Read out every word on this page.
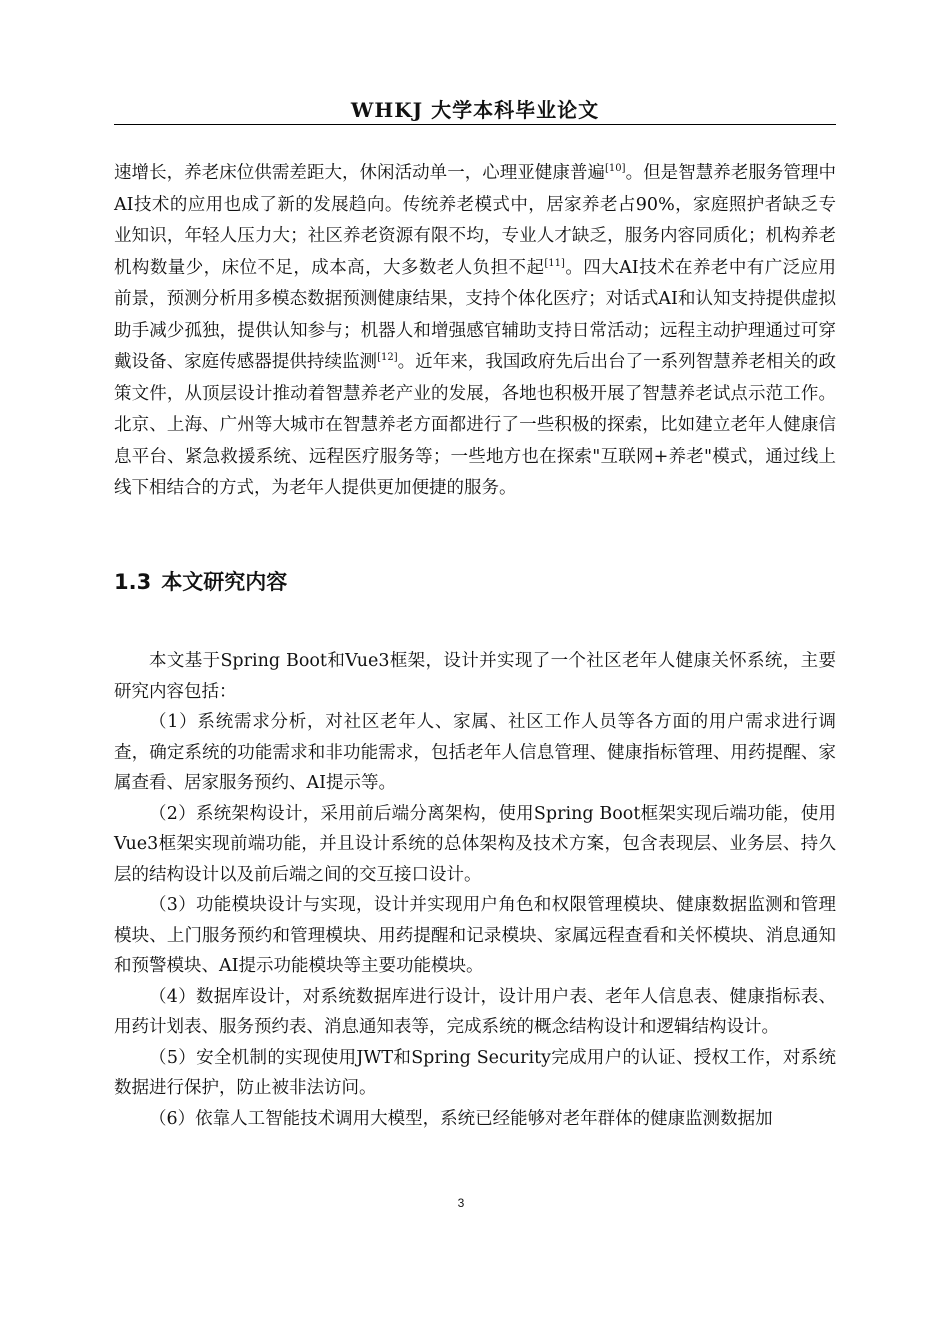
WHKJ 大学本科毕业论文

速增长，养老床位供需差距大，休闲活动单一，心理亚健康普遍[10]。但是智慧养老服务管理中AI技术的应用也成了新的发展趋向。传统养老模式中，居家养老占90%，家庭照护者缺乏专业知识，年轻人压力大；社区养老资源有限不均，专业人才缺乏，服务内容同质化；机构养老机构数量少，床位不足，成本高，大多数老人负担不起[11]。四大AI技术在养老中有广泛应用前景，预测分析用多模态数据预测健康结果，支持个体化医疗；对话式AI和认知支持提供虚拟助手减少孤独，提供认知参与；机器人和增强感官辅助支持日常活动；远程主动护理通过可穿戴设备、家庭传感器提供持续监测[12]。近年来，我国政府先后出台了一系列智慧养老相关的政策文件，从顶层设计推动着智慧养老产业的发展，各地也积极开展了智慧养老试点示范工作。北京、上海、广州等大城市在智慧养老方面都进行了一些积极的探索，比如建立老年人健康信息平台、紧急救援系统、远程医疗服务等；一些地方也在探索"互联网+养老"模式，通过线上线下相结合的方式，为老年人提供更加便捷的服务。

1.3 本文研究内容

本文基于Spring Boot和Vue3框架，设计并实现了一个社区老年人健康关怀系统，主要研究内容包括：

（1）系统需求分析，对社区老年人、家属、社区工作人员等各方面的用户需求进行调查，确定系统的功能需求和非功能需求，包括老年人信息管理、健康指标管理、用药提醒、家属查看、居家服务预约、AI提示等。

（2）系统架构设计，采用前后端分离架构，使用Spring Boot框架实现后端功能，使用Vue3框架实现前端功能，并且设计系统的总体架构及技术方案，包含表现层、业务层、持久层的结构设计以及前后端之间的交互接口设计。

（3）功能模块设计与实现，设计并实现用户角色和权限管理模块、健康数据监测和管理模块、上门服务预约和管理模块、用药提醒和记录模块、家属远程查看和关怀模块、消息通知和预警模块、AI提示功能模块等主要功能模块。

（4）数据库设计，对系统数据库进行设计，设计用户表、老年人信息表、健康指标表、用药计划表、服务预约表、消息通知表等，完成系统的概念结构设计和逻辑结构设计。

（5）安全机制的实现使用JWT和Spring Security完成用户的认证、授权工作，对系统数据进行保护，防止被非法访问。

（6）依靠人工智能技术调用大模型，系统已经能够对老年群体的健康监测数据加

3
